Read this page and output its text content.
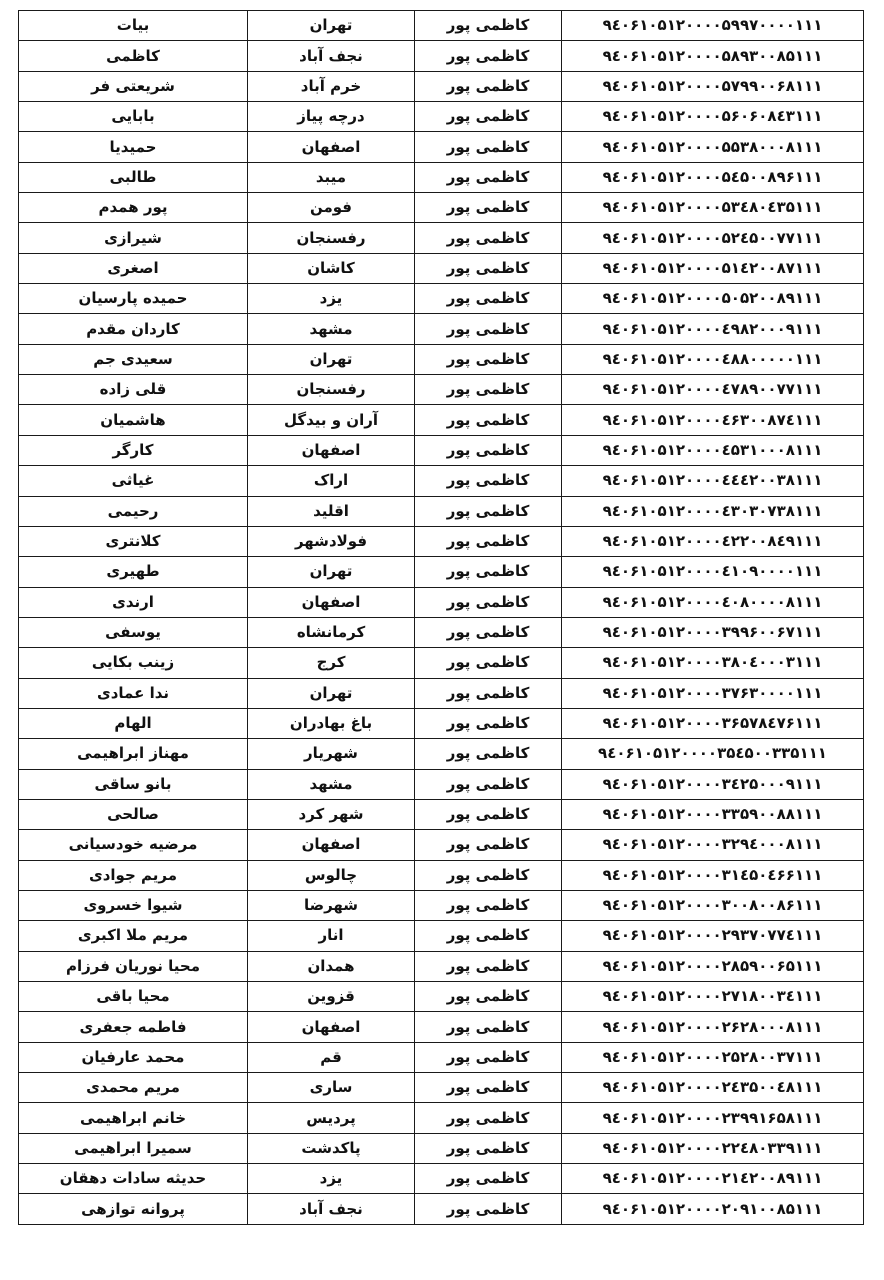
بیات	تهران	کاظمی پور	۹٤۰۶۱۰۵۱۲۰۰۰۰۵۹۹۷۰۰۰۰۱۱۱
کاظمی	نجف آباد	کاظمی پور	۹٤۰۶۱۰۵۱۲۰۰۰۰۵۸۹۳۰۰۸۵۱۱۱
شریعتی فر	خرم آباد	کاظمی پور	۹٤۰۶۱۰۵۱۲۰۰۰۰۵۷۹۹۰۰۶۸۱۱۱
بابایی	درچه پیاز	کاظمی پور	۹٤۰۶۱۰۵۱۲۰۰۰۰۵۶۰۶۰۸٤۳۱۱۱
حمیدیا	اصفهان	کاظمی پور	۹٤۰۶۱۰۵۱۲۰۰۰۰۵۵۳۸۰۰۰۸۱۱۱
طالبی	میبد	کاظمی پور	۹٤۰۶۱۰۵۱۲۰۰۰۰۵٤۵۰۰۸۹۶۱۱۱
پور همدم	فومن	کاظمی پور	۹٤۰۶۱۰۵۱۲۰۰۰۰۵۳٤۸۰٤۳۵۱۱۱
شیرازی	رفسنجان	کاظمی پور	۹٤۰۶۱۰۵۱۲۰۰۰۰۵۲٤۵۰۰۷۷۱۱۱
اصغری	کاشان	کاظمی پور	۹٤۰۶۱۰۵۱۲۰۰۰۰۵۱٤۲۰۰۸۷۱۱۱
حمیده پارسیان	یزد	کاظمی پور	۹٤۰۶۱۰۵۱۲۰۰۰۰۵۰۵۲۰۰۸۹۱۱۱
کاردان مقدم	مشهد	کاظمی پور	۹٤۰۶۱۰۵۱۲۰۰۰۰٤۹۸۲۰۰۰۹۱۱۱
سعیدی جم	تهران	کاظمی پور	۹٤۰۶۱۰۵۱۲۰۰۰۰٤۸۸۰۰۰۰۰۱۱۱
قلی زاده	رفسنجان	کاظمی پور	۹٤۰۶۱۰۵۱۲۰۰۰۰٤۷۸۹۰۰۷۷۱۱۱
هاشمیان	آران و بیدگل	کاظمی پور	۹٤۰۶۱۰۵۱۲۰۰۰۰٤۶۳۰۰۸۷٤۱۱۱
کارگر	اصفهان	کاظمی پور	۹٤۰۶۱۰۵۱۲۰۰۰۰٤۵۳۱۰۰۰۸۱۱۱
غیاثی	اراک	کاظمی پور	۹٤۰۶۱۰۵۱۲۰۰۰۰٤٤٤۲۰۰۳۸۱۱۱
رحیمی	اقلید	کاظمی پور	۹٤۰۶۱۰۵۱۲۰۰۰۰٤۳۰۳۰۷۳۸۱۱۱
کلانتری	فولادشهر	کاظمی پور	۹٤۰۶۱۰۵۱۲۰۰۰۰٤۲۲۰۰۸٤۹۱۱۱
طهیری	تهران	کاظمی پور	۹٤۰۶۱۰۵۱۲۰۰۰۰٤۱۰۹۰۰۰۰۱۱۱
ارندی	اصفهان	کاظمی پور	۹٤۰۶۱۰۵۱۲۰۰۰۰٤۰۸۰۰۰۰۸۱۱۱
یوسفی	کرمانشاه	کاظمی پور	۹٤۰۶۱۰۵۱۲۰۰۰۰۳۹۹۶۰۰۶۷۱۱۱
زینب بکایی	کرج	کاظمی پور	۹٤۰۶۱۰۵۱۲۰۰۰۰۳۸۰٤۰۰۰۳۱۱۱
ندا عمادی	تهران	کاظمی پور	۹٤۰۶۱۰۵۱۲۰۰۰۰۳۷۶۳۰۰۰۰۱۱۱
الهام	باغ بهادران	کاظمی پور	۹٤۰۶۱۰۵۱۲۰۰۰۰۳۶۵۷۸٤۷۶۱۱۱
مهناز ابراهیمی	شهریار	کاظمی پور	۹٤۰۶۱۰۵۱۲۰۰۰۰۳۵٤۵۰۰۳۳۵۱۱۱
بانو ساقی	مشهد	کاظمی پور	۹٤۰۶۱۰۵۱۲۰۰۰۰۳٤۲۵۰۰۰۹۱۱۱
صالحی	شهر کرد	کاظمی پور	۹٤۰۶۱۰۵۱۲۰۰۰۰۳۳۵۹۰۰۸۸۱۱۱
مرضیه خودسیانی	اصفهان	کاظمی پور	۹٤۰۶۱۰۵۱۲۰۰۰۰۳۲۹٤۰۰۰۸۱۱۱
مریم جوادی	چالوس	کاظمی پور	۹٤۰۶۱۰۵۱۲۰۰۰۰۳۱٤۵۰٤۶۶۱۱۱
شیوا خسروی	شهرضا	کاظمی پور	۹٤۰۶۱۰۵۱۲۰۰۰۰۳۰۰۸۰۰۸۶۱۱۱
مریم ملا اکبری	انار	کاظمی پور	۹٤۰۶۱۰۵۱۲۰۰۰۰۲۹۳۷۰۷۷٤۱۱۱
محیا نوریان فرزام	همدان	کاظمی پور	۹٤۰۶۱۰۵۱۲۰۰۰۰۲۸۵۹۰۰۶۵۱۱۱
محیا باقی	قزوین	کاظمی پور	۹٤۰۶۱۰۵۱۲۰۰۰۰۲۷۱۸۰۰۳٤۱۱۱
فاطمه جعفری	اصفهان	کاظمی پور	۹٤۰۶۱۰۵۱۲۰۰۰۰۲۶۲۸۰۰۰۸۱۱۱
محمد عارفیان	قم	کاظمی پور	۹٤۰۶۱۰۵۱۲۰۰۰۰۲۵۲۸۰۰۳۷۱۱۱
مریم محمدی	ساری	کاظمی پور	۹٤۰۶۱۰۵۱۲۰۰۰۰۲٤۳۵۰۰٤۸۱۱۱
خانم ابراهیمی	پردیس	کاظمی پور	۹٤۰۶۱۰۵۱۲۰۰۰۰۲۳۹۹۱۶۵۸۱۱۱
سمیرا ابراهیمی	پاکدشت	کاظمی پور	۹٤۰۶۱۰۵۱۲۰۰۰۰۲۲٤۸۰۳۳۹۱۱۱
حدیثه سادات دهقان	یزد	کاظمی پور	۹٤۰۶۱۰۵۱۲۰۰۰۰۲۱٤۲۰۰۸۹۱۱۱
پروانه توازهی	نجف آباد	کاظمی پور	۹٤۰۶۱۰۵۱۲۰۰۰۰۲۰۹۱۰۰۸۵۱۱۱
